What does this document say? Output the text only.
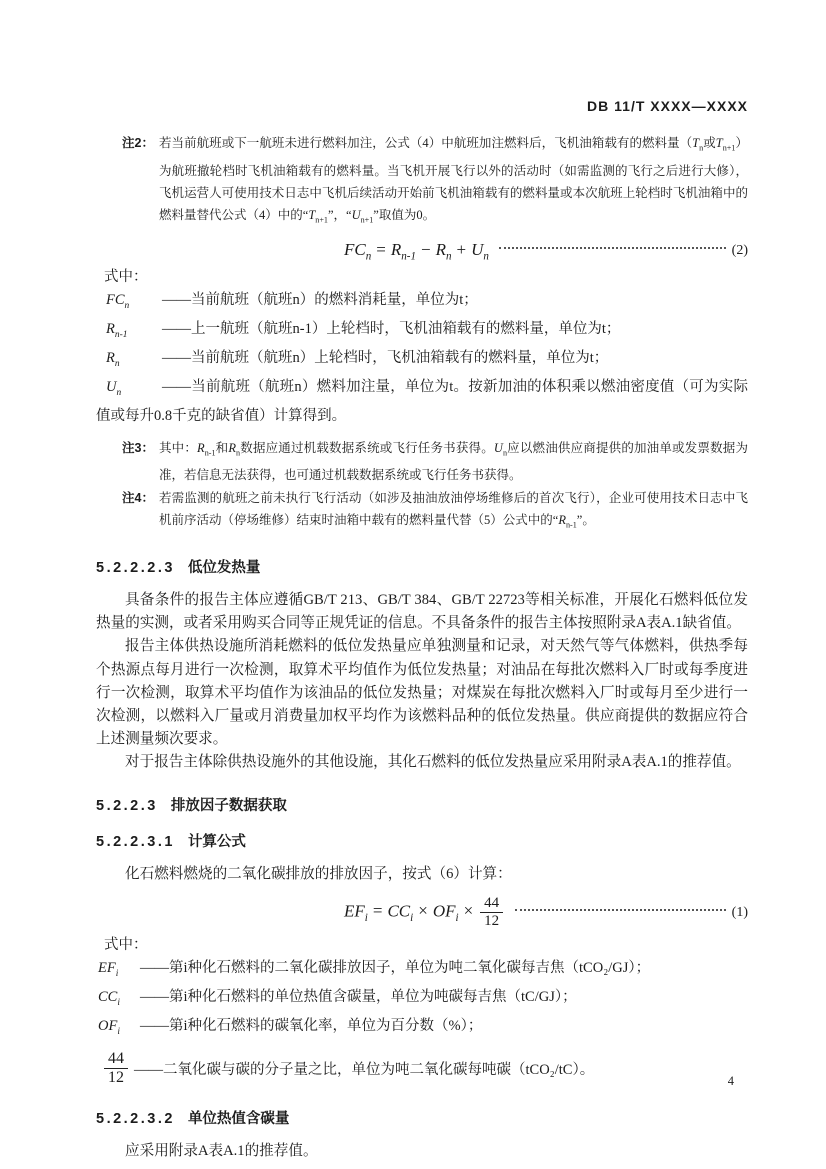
DB 11/T XXXX—XXXX
注2： 若当前航班或下一航班未进行燃料加注，公式（4）中航班加注燃料后，飞机油箱载有的燃料量（$T_n$或$T_{n+1}$）为航班撤轮档时飞机油箱载有的燃料量。当飞机开展飞行以外的活动时（如需监测的飞行之后进行大修），飞机运营人可使用技术日志中飞机后续活动开始前飞机油箱载有的燃料量或本次航班上轮档时飞机油箱中的燃料量替代公式（4）中的“$T_{n+1}$”，“$U_{n+1}$”取值为0。
$FC_n = R_{n-1} - R_n + U_n$	(2)

式中：

$FC_n$ ——当前航班（航班n）的燃料消耗量，单位为t；

$R_{n-1}$ ——上一航班（航班n-1）上轮档时，飞机油箱载有的燃料量，单位为t；

$R_n$	——当前航班（航班n）上轮档时，飞机油箱载有的燃料量，单位为t；

$U_n$	——当前航班（航班n）燃料加注量，单位为t。按新加油的体积乘以燃油密度值（可为实际值或每升0.8千克的缺省值）计算得到。

注3： 其中：$R_{n-1}$和$R_n$数据应通过机载数据系统或飞行任务书获得。$U_n$应以燃油供应商提供的加油单或发票数据为准，若信息无法获得，也可通过机载数据系统或飞行任务书获得。
注4： 若需监测的航班之前未执行飞行活动（如涉及抽油放油停场维修后的首次飞行），企业可使用技术日志中飞机前序活动（停场维修）结束时油箱中载有的燃料量代替（5）公式中的“$R_{n-1}$”。
5.2.2.2.3 低位发热量

具备条件的报告主体应遵循GB/T 213、GB/T 384、GB/T 22723等相关标准，开展化石燃料低位发热量的实测，或者采用购买合同等正规凭证的信息。不具备条件的报告主体按照附录A表A.1缺省值。

报告主体供热设施所消耗燃料的低位发热量应单独测量和记录，对天然气等气体燃料，供热季每个热源点每月进行一次检测，取算术平均值作为低位发热量；对油品在每批次燃料入厂时或每季度进行一次检测，取算术平均值作为该油品的低位发热量；对煤炭在每批次燃料入厂时或每月至少进行一次检测，以燃料入厂量或月消费量加权平均作为该燃料品种的低位发热量。供应商提供的数据应符合上述测量频次要求。

对于报告主体除供热设施外的其他设施，其化石燃料的低位发热量应采用附录A表A.1的推荐值。

5.2.2.3 排放因子数据获取
5.2.2.3.1 计算公式

化石燃料燃烧的二氧化碳排放的排放因子，按式（6）计算：

$EF_i = CC_i \times OF_i \times \frac{44}{12}$	(1)

式中：

$EF_i$ ——第i种化石燃料的二氧化碳排放因子，单位为吨二氧化碳每吉焦（tCO₂/GJ）；

$CC_i$ ——第i种化石燃料的单位热值含碳量，单位为吨碳每吉焦（tC/GJ）；

$OF_i$ ——第i种化石燃料的碳氧化率，单位为百分数（%）；

$\frac{44}{12}$ ——二氧化碳与碳的分子量之比，单位为吨二氧化碳每吨碳（tCO₂/tC）。
5.2.2.3.2 单位热值含碳量

应采用附录A表A.1的推荐值。

4
